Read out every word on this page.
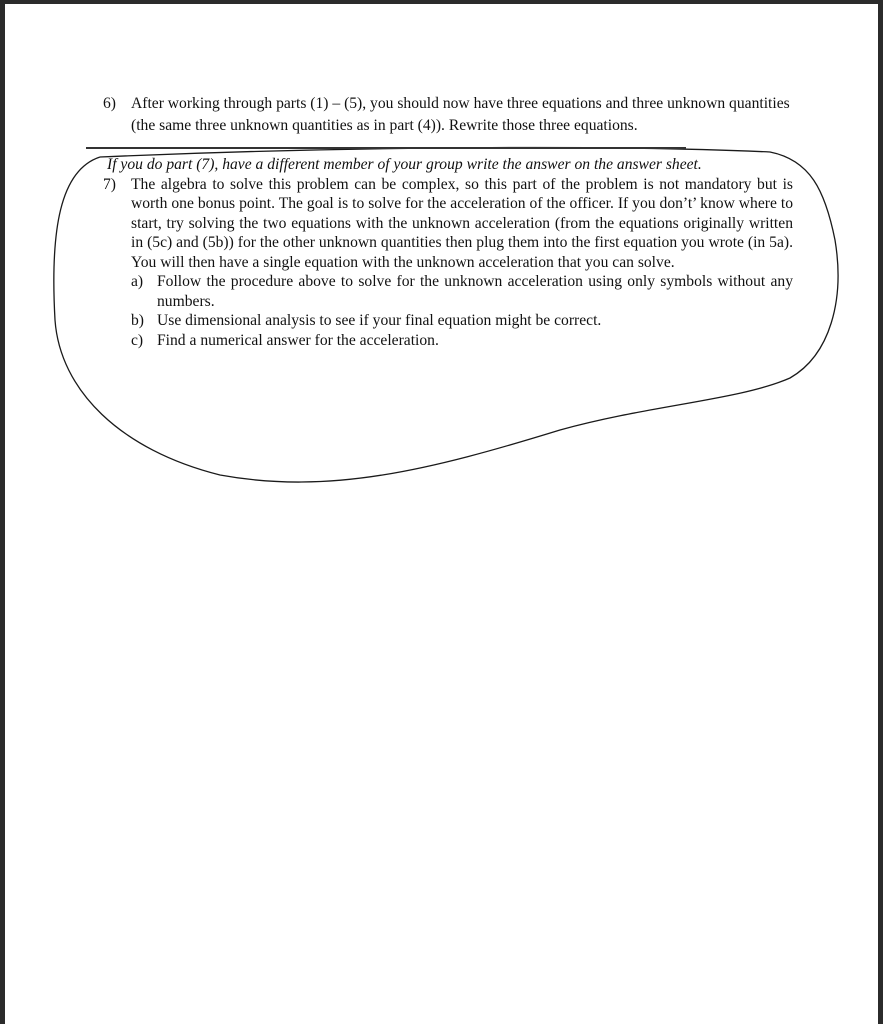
6) After working through parts (1) – (5), you should now have three equations and three unknown quantities (the same three unknown quantities as in part (4)). Rewrite those three equations.
If you do part (7), have a different member of your group write the answer on the answer sheet.
7) The algebra to solve this problem can be complex, so this part of the problem is not mandatory but is worth one bonus point. The goal is to solve for the acceleration of the officer. If you don’t’ know where to start, try solving the two equations with the unknown acceleration (from the equations originally written in (5c) and (5b)) for the other unknown quantities then plug them into the first equation you wrote (in 5a). You will then have a single equation with the unknown acceleration that you can solve.
a) Follow the procedure above to solve for the unknown acceleration using only symbols without any numbers.
b) Use dimensional analysis to see if your final equation might be correct.
c) Find a numerical answer for the acceleration.
